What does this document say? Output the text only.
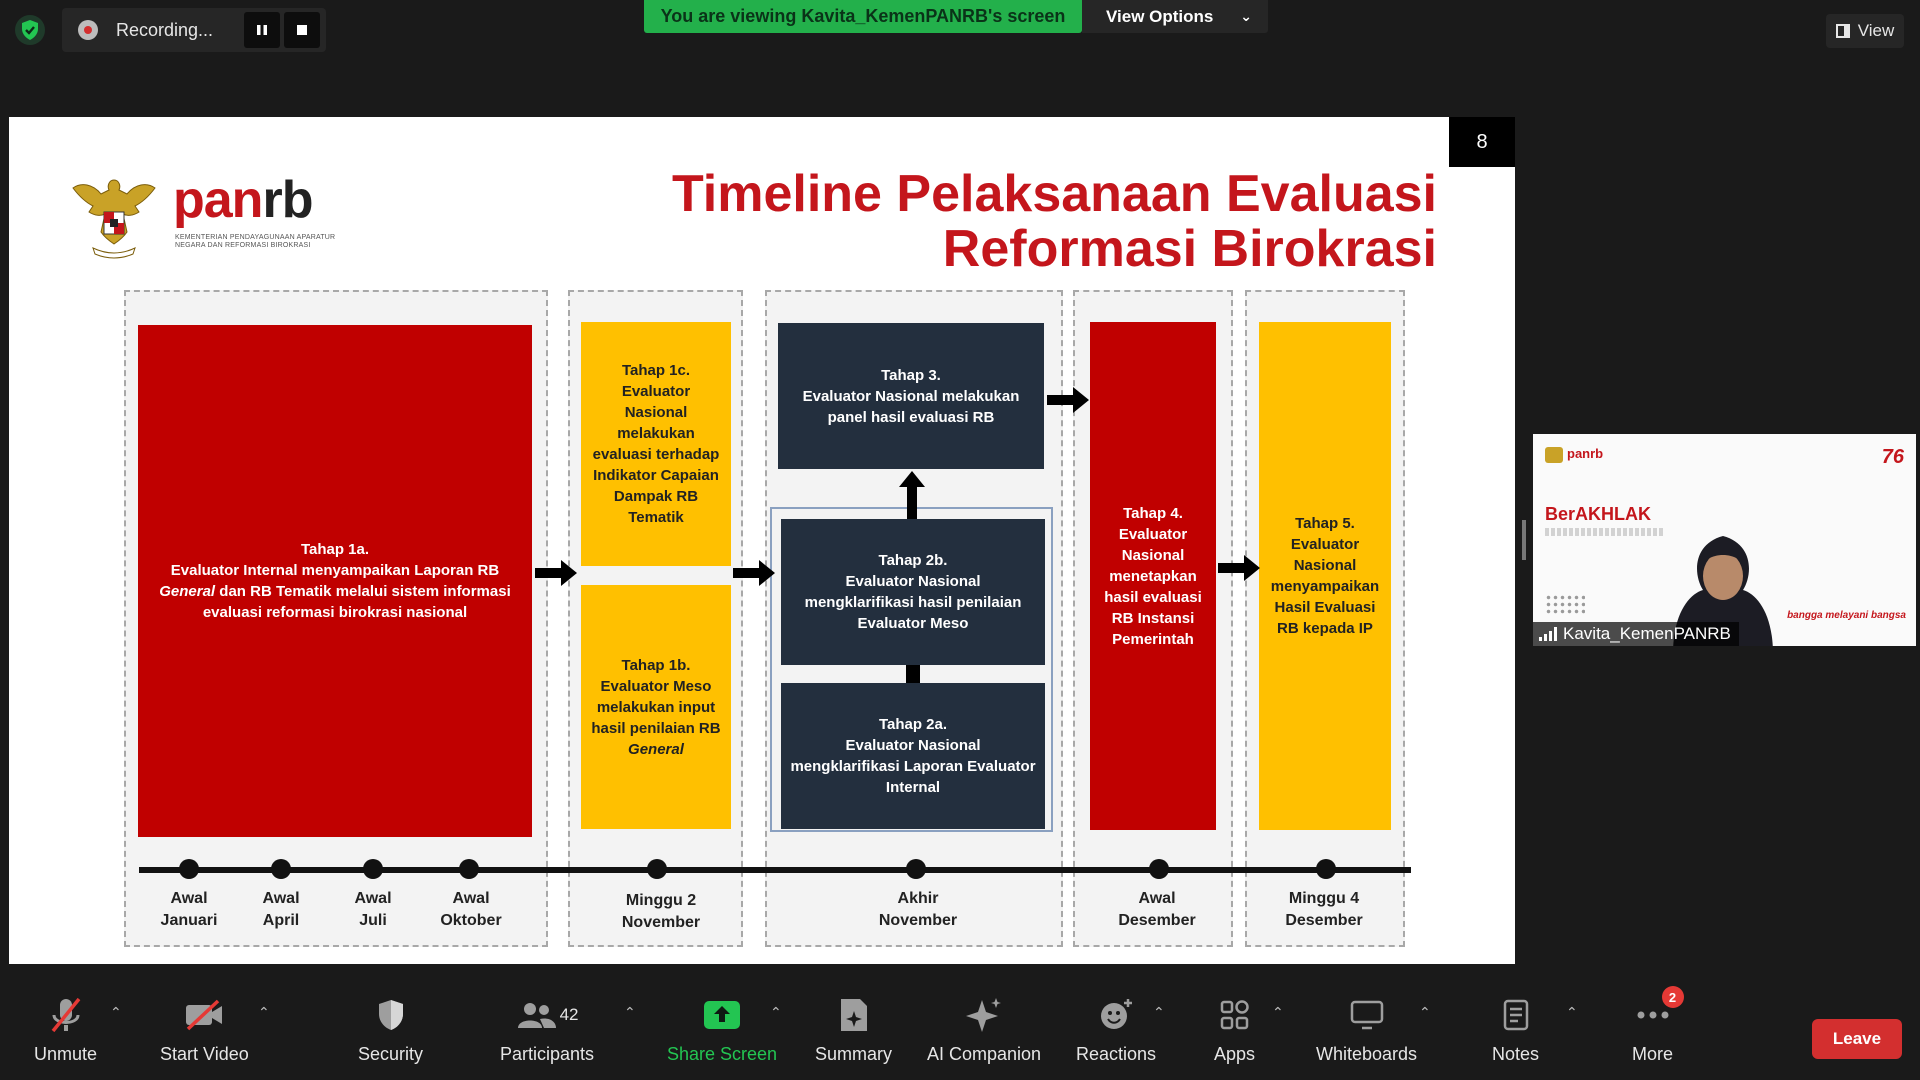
Recording...
You are viewing Kavita_KemenPANRB's screen	View Options ⌄
View
8
panrb
KEMENTERIAN PENDAYAGUNAAN APARATUR NEGARA DAN REFORMASI BIROKRASI
Timeline Pelaksanaan Evaluasi
Reformasi Birokrasi
Tahap 1a.
Evaluator Internal menyampaikan Laporan RB
General dan RB Tematik melalui sistem informasi evaluasi reformasi birokrasi nasional
Tahap 1c.
Evaluator
Nasional
melakukan
evaluasi terhadap
Indikator Capaian
Dampak RB
Tematik
Tahap 1b.
Evaluator Meso
melakukan input
hasil penilaian RB
General
Tahap 3.
Evaluator Nasional melakukan
panel hasil evaluasi RB
Tahap 2b.
Evaluator Nasional
mengklarifikasi hasil penilaian
Evaluator Meso
Tahap 2a.
Evaluator Nasional
mengklarifikasi Laporan Evaluator
Internal
Tahap 4.
Evaluator
Nasional
menetapkan
hasil evaluasi
RB Instansi
Pemerintah
Tahap 5.
Evaluator
Nasional
menyampaikan
Hasil Evaluasi
RB kepada IP
Awal
Januari
Awal
April
Awal
Juli
Awal
Oktober
Minggu 2
November
Akhir
November
Awal
Desember
Minggu 4
Desember
panrb	76
BerAKHLAK
bangga melayani bangsa
Kavita_KemenPANRB
Unmute
⌃
Start Video
⌃
Security
42
Participants
⌃
Share Screen
⌃
Summary AI Companion Reactions
⌃
Apps
⌃
Whiteboards
⌃
Notes
⌃
2
More
Leave
